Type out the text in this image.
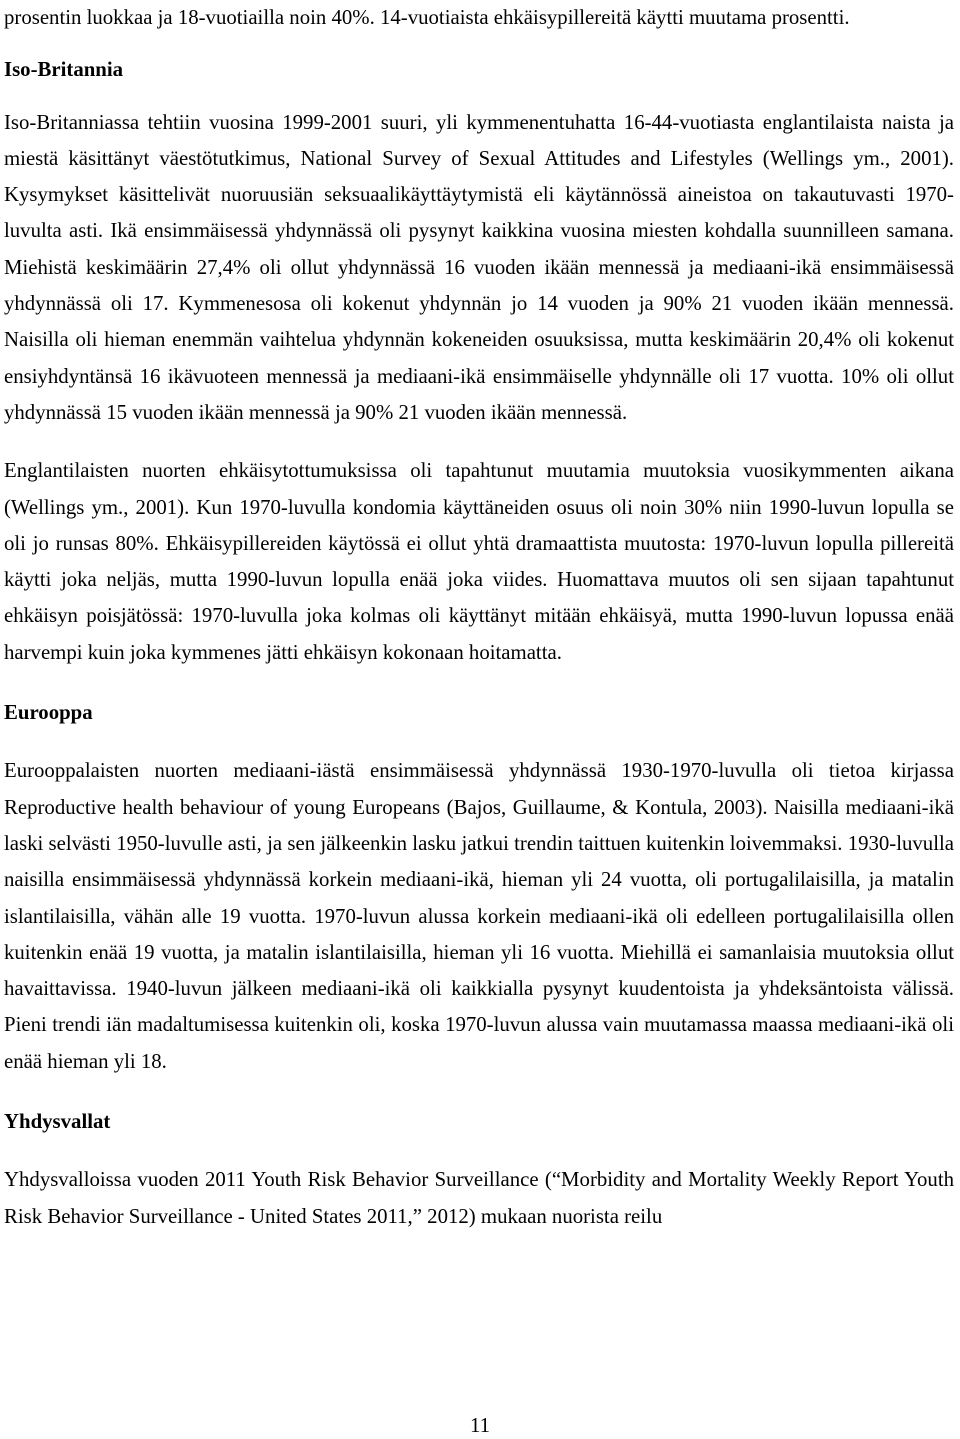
prosentin luokkaa ja 18-vuotiailla noin 40%. 14-vuotiaista ehkäisypillereitä käytti muutama prosentti.

Iso-Britannia

Iso-Britanniassa tehtiin vuosina 1999-2001 suuri, yli kymmenentuhatta 16-44-vuotiasta englantilaista naista ja miestä käsittänyt väestötutkimus, National Survey of Sexual Attitudes and Lifestyles (Wellings ym., 2001). Kysymykset käsittelivät nuoruusiän seksuaalikäyttäytymistä eli käytännössä aineistoa on takautuvasti 1970-luvulta asti. Ikä ensimmäisessä yhdynnässä oli pysynyt kaikkina vuosina miesten kohdalla suunnilleen samana. Miehistä keskimäärin 27,4% oli ollut yhdynnässä 16 vuoden ikään mennessä ja mediaani-ikä ensimmäisessä yhdynnässä oli 17. Kymmenesosa oli kokenut yhdynnän jo 14 vuoden ja 90% 21 vuoden ikään mennessä. Naisilla oli hieman enemmän vaihtelua yhdynnän kokeneiden osuuksissa, mutta keskimäärin 20,4% oli kokenut ensiyhdyntänsä 16 ikävuoteen mennessä ja mediaani-ikä ensimmäiselle yhdynnälle oli 17 vuotta. 10% oli ollut yhdynnässä 15 vuoden ikään mennessä ja 90% 21 vuoden ikään mennessä.

Englantilaisten nuorten ehkäisytottumuksissa oli tapahtunut muutamia muutoksia vuosikymmenten aikana (Wellings ym., 2001). Kun 1970-luvulla kondomia käyttäneiden osuus oli noin 30% niin 1990-luvun lopulla se oli jo runsas 80%. Ehkäisypillereiden käytössä ei ollut yhtä dramaattista muutosta: 1970-luvun lopulla pillereitä käytti joka neljäs, mutta 1990-luvun lopulla enää joka viides. Huomattava muutos oli sen sijaan tapahtunut ehkäisyn poisjätössä: 1970-luvulla joka kolmas oli käyttänyt mitään ehkäisyä, mutta 1990-luvun lopussa enää harvempi kuin joka kymmenes jätti ehkäisyn kokonaan hoitamatta.

Eurooppa

Eurooppalaisten nuorten mediaani-iästä ensimmäisessä yhdynnässä 1930-1970-luvulla oli tietoa kirjassa Reproductive health behaviour of young Europeans (Bajos, Guillaume, & Kontula, 2003). Naisilla mediaani-ikä laski selvästi 1950-luvulle asti, ja sen jälkeenkin lasku jatkui trendin taittuen kuitenkin loivemmaksi. 1930-luvulla naisilla ensimmäisessä yhdynnässä korkein mediaani-ikä, hieman yli 24 vuotta, oli portugalilaisilla, ja matalin islantilaisilla, vähän alle 19 vuotta. 1970-luvun alussa korkein mediaani-ikä oli edelleen portugalilaisilla ollen kuitenkin enää 19 vuotta, ja matalin islantilaisilla, hieman yli 16 vuotta. Miehillä ei samanlaisia muutoksia ollut havaittavissa. 1940-luvun jälkeen mediaani-ikä oli kaikkialla pysynyt kuudentoista ja yhdeksäntoista välissä. Pieni trendi iän madaltumisessa kuitenkin oli, koska 1970-luvun alussa vain muutamassa maassa mediaani-ikä oli enää hieman yli 18.

Yhdysvallat

Yhdysvalloissa vuoden 2011 Youth Risk Behavior Surveillance (“Morbidity and Mortality Weekly Report Youth Risk Behavior Surveillance - United States 2011,” 2012) mukaan nuorista reilu

11
